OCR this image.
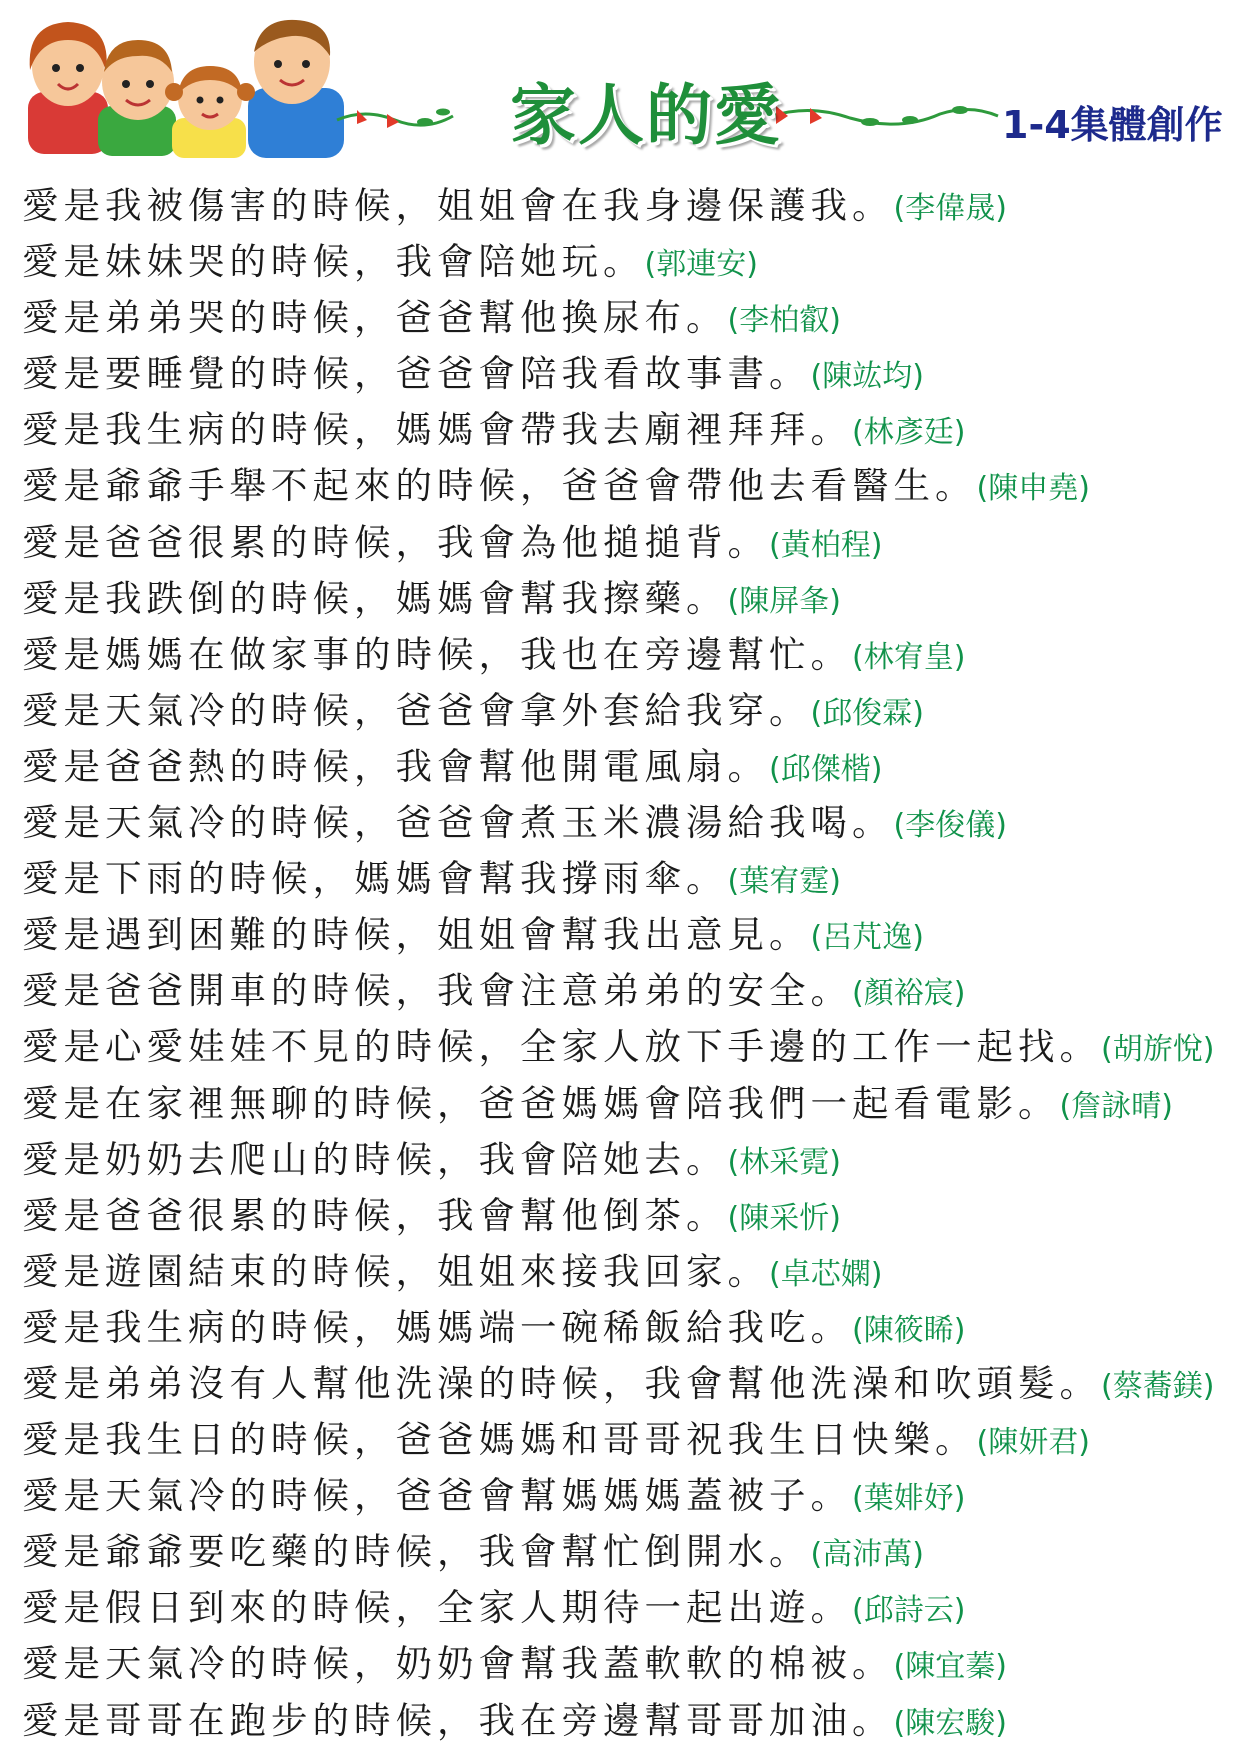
家人的愛	1-4集體創作
愛是我被傷害的時候，姐姐會在我身邊保護我。(李偉晟)
愛是妹妹哭的時候，我會陪她玩。(郭連安)
愛是弟弟哭的時候，爸爸幫他換尿布。(李柏叡)
愛是要睡覺的時候，爸爸會陪我看故事書。(陳竑均)
愛是我生病的時候，媽媽會帶我去廟裡拜拜。(林彥廷)
愛是爺爺手舉不起來的時候，爸爸會帶他去看醫生。(陳申堯)
愛是爸爸很累的時候，我會為他搥搥背。(黃柏程)
愛是我跌倒的時候，媽媽會幫我擦藥。(陳屏夆)
愛是媽媽在做家事的時候，我也在旁邊幫忙。(林宥皇)
愛是天氣冷的時候，爸爸會拿外套給我穿。(邱俊霖)
愛是爸爸熱的時候，我會幫他開電風扇。(邱傑楷)
愛是天氣冷的時候，爸爸會煮玉米濃湯給我喝。(李俊儀)
愛是下雨的時候，媽媽會幫我撐雨傘。(葉宥霆)
愛是遇到困難的時候，姐姐會幫我出意見。(呂芃逸)
愛是爸爸開車的時候，我會注意弟弟的安全。(顏裕宸)
愛是心愛娃娃不見的時候，全家人放下手邊的工作一起找。(胡旂悅)
愛是在家裡無聊的時候，爸爸媽媽會陪我們一起看電影。(詹詠晴)
愛是奶奶去爬山的時候，我會陪她去。(林采霓)
愛是爸爸很累的時候，我會幫他倒茶。(陳采忻)
愛是遊園結束的時候，姐姐來接我回家。(卓芯嫻)
愛是我生病的時候，媽媽端一碗稀飯給我吃。(陳筱睎)
愛是弟弟沒有人幫他洗澡的時候，我會幫他洗澡和吹頭髮。(蔡蕎鎂)
愛是我生日的時候，爸爸媽媽和哥哥祝我生日快樂。(陳妍君)
愛是天氣冷的時候，爸爸會幫媽媽媽蓋被子。(葉婔妤)
愛是爺爺要吃藥的時候，我會幫忙倒開水。(高沛萬)
愛是假日到來的時候，全家人期待一起出遊。(邱詩云)
愛是天氣冷的時候，奶奶會幫我蓋軟軟的棉被。(陳宜蓁)
愛是哥哥在跑步的時候，我在旁邊幫哥哥加油。(陳宏駿)
